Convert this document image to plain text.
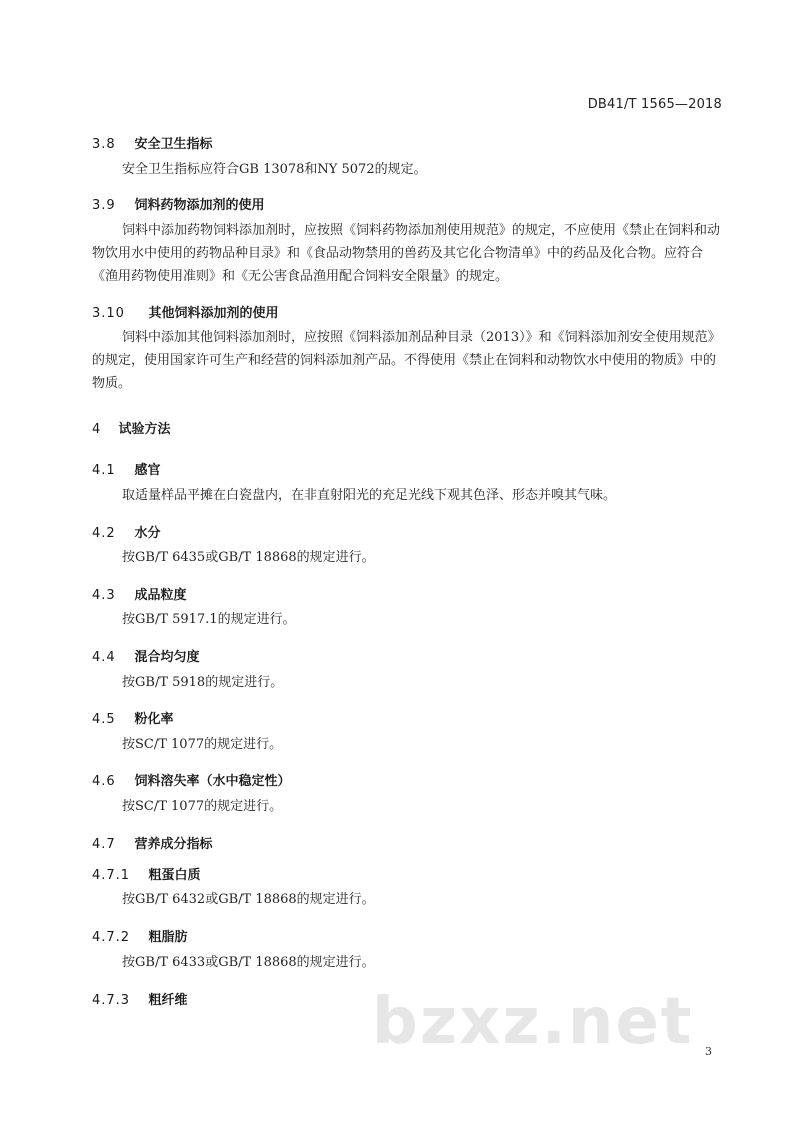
DB41/T 1565—2018
3.8 安全卫生指标

安全卫生指标应符合GB 13078和NY 5072的规定。

3.9 饲料药物添加剂的使用

饲料中添加药物饲料添加剂时，应按照《饲料药物添加剂使用规范》的规定，不应使用《禁止在饲料和动物饮用水中使用的药物品种目录》和《食品动物禁用的兽药及其它化合物清单》中的药品及化合物。应符合《渔用药物使用准则》和《无公害食品渔用配合饲料安全限量》的规定。

3.10 其他饲料添加剂的使用

饲料中添加其他饲料添加剂时，应按照《饲料添加剂品种目录（2013）》和《饲料添加剂安全使用规范》的规定，使用国家许可生产和经营的饲料添加剂产品。不得使用《禁止在饲料和动物饮水中使用的物质》中的物质。

4 试验方法
4.1 感官

取适量样品平摊在白瓷盘内，在非直射阳光的充足光线下观其色泽、形态并嗅其气味。

4.2 水分

按GB/T 6435或GB/T 18868的规定进行。

4.3 成品粒度

按GB/T 5917.1的规定进行。

4.4 混合均匀度

按GB/T 5918的规定进行。

4.5 粉化率

按SC/T 1077的规定进行。

4.6 饲料溶失率（水中稳定性）

按SC/T 1077的规定进行。

4.7 营养成分指标
4.7.1 粗蛋白质

按GB/T 6432或GB/T 18868的规定进行。

4.7.2 粗脂肪

按GB/T 6433或GB/T 18868的规定进行。

4.7.3 粗纤维	bzxz.net 3
